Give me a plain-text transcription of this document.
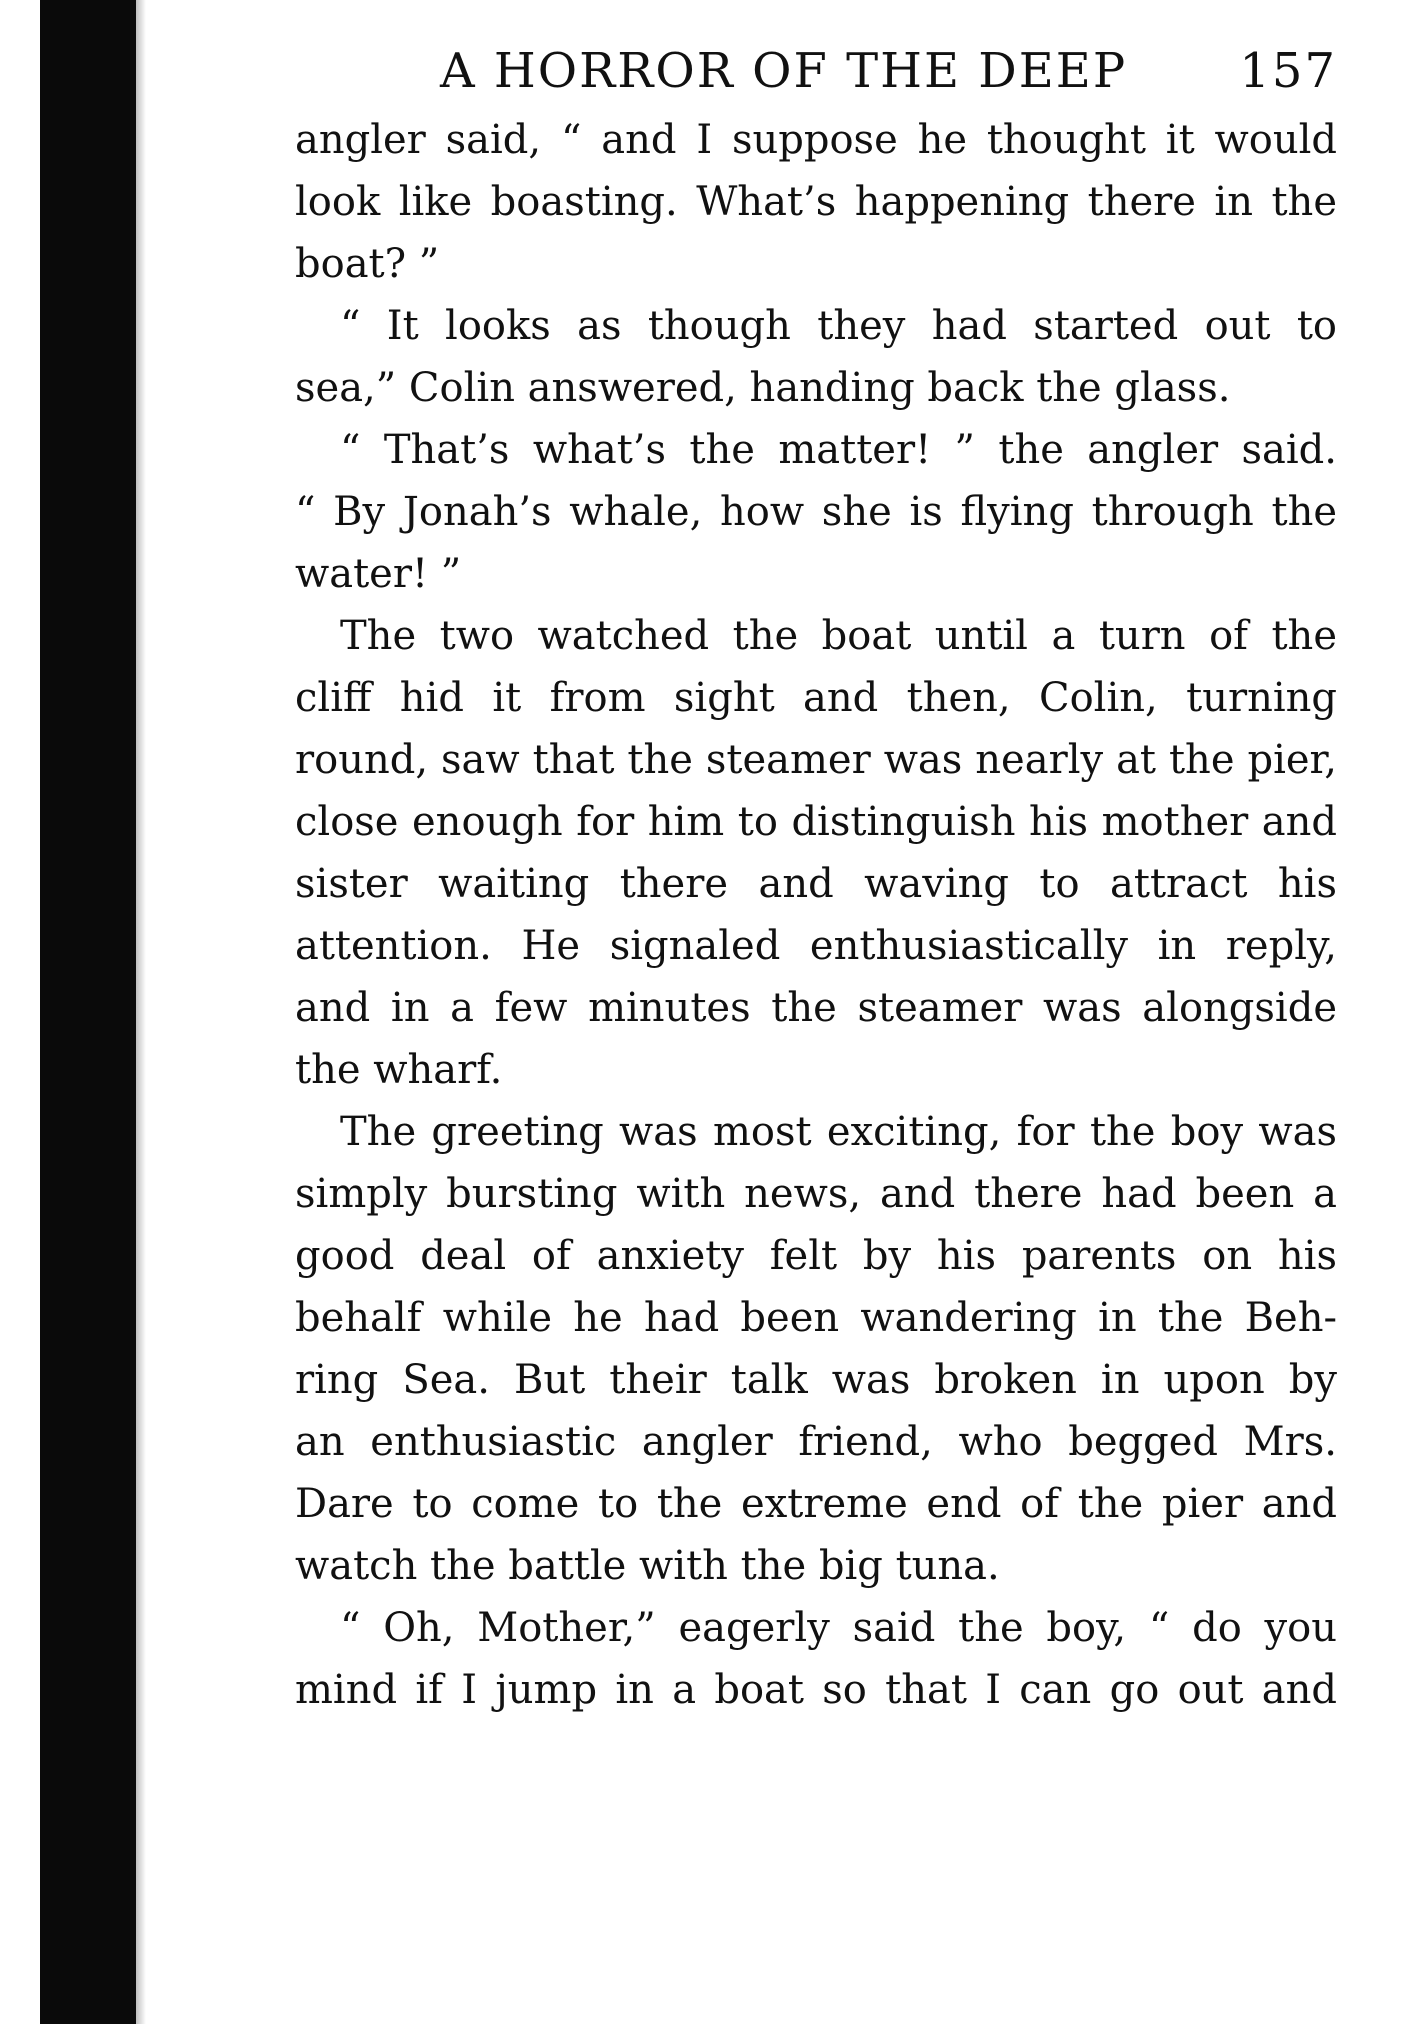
A HORROR OF THE DEEP 157
angler said, “ and I suppose he thought it would
look like boasting. What’s happening there in the
boat? ”
“ It looks as though they had started out to
sea,” Colin answered, handing back the glass.
“ That’s what’s the matter! ” the angler said.
“ By Jonah’s whale, how she is flying through the
water! ”
The two watched the boat until a turn of the
cliff hid it from sight and then, Colin, turning
round, saw that the steamer was nearly at the pier,
close enough for him to distinguish his mother and
sister waiting there and waving to attract his
attention. He signaled enthusiastically in reply,
and in a few minutes the steamer was alongside
the wharf.
The greeting was most exciting, for the boy was
simply bursting with news, and there had been a
good deal of anxiety felt by his parents on his
behalf while he had been wandering in the Beh-
ring Sea. But their talk was broken in upon by
an enthusiastic angler friend, who begged Mrs.
Dare to come to the extreme end of the pier and
watch the battle with the big tuna.
“ Oh, Mother,” eagerly said the boy, “ do you
mind if I jump in a boat so that I can go out and
